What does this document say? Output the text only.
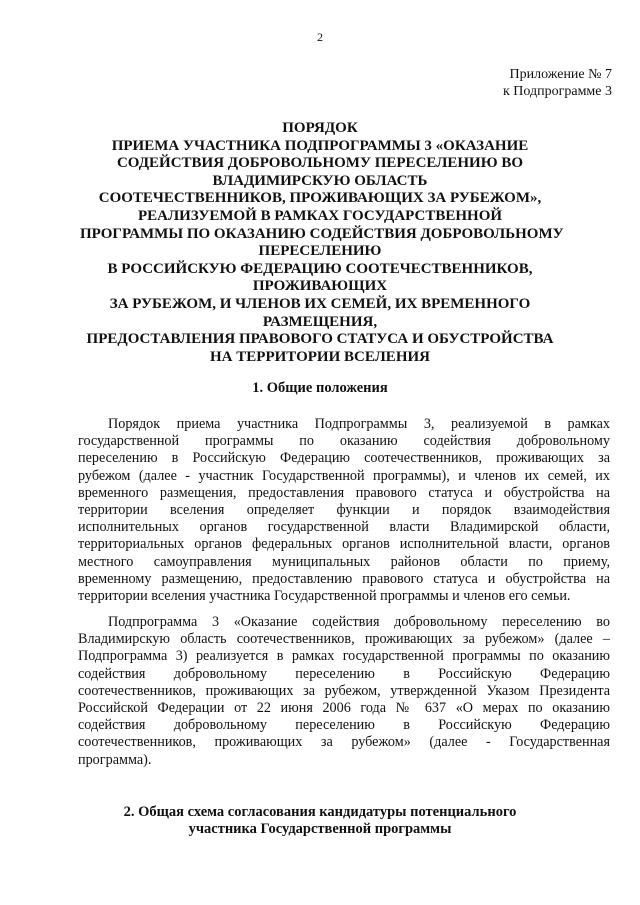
2
Приложение № 7
к Подпрограмме 3
ПОРЯДОК
ПРИЕМА УЧАСТНИКА ПОДПРОГРАММЫ 3 «ОКАЗАНИЕ
СОДЕЙСТВИЯ ДОБРОВОЛЬНОМУ ПЕРЕСЕЛЕНИЮ ВО
ВЛАДИМИРСКУЮ ОБЛАСТЬ
СООТЕЧЕСТВЕННИКОВ, ПРОЖИВАЮЩИХ ЗА РУБЕЖОМ»,
РЕАЛИЗУЕМОЙ В РАМКАХ ГОСУДАРСТВЕННОЙ
ПРОГРАММЫ ПО ОКАЗАНИЮ СОДЕЙСТВИЯ ДОБРОВОЛЬНОМУ
ПЕРЕСЕЛЕНИЮ
В РОССИЙСКУЮ ФЕДЕРАЦИЮ СООТЕЧЕСТВЕННИКОВ,
ПРОЖИВАЮЩИХ
ЗА РУБЕЖОМ, И ЧЛЕНОВ ИХ СЕМЕЙ, ИХ ВРЕМЕННОГО
РАЗМЕЩЕНИЯ,
ПРЕДОСТАВЛЕНИЯ ПРАВОВОГО СТАТУСА И ОБУСТРОЙСТВА
НА ТЕРРИТОРИИ ВСЕЛЕНИЯ
1. Общие положения
Порядок приема участника Подпрограммы 3, реализуемой в рамках
государственной программы по оказанию содействия добровольному
переселению в Российскую Федерацию соотечественников, проживающих за
рубежом (далее - участник Государственной программы), и членов их семей, их
временного размещения, предоставления правового статуса и обустройства на
территории вселения определяет функции и порядок взаимодействия
исполнительных органов государственной власти Владимирской области,
территориальных органов федеральных органов исполнительной власти, органов
местного самоуправления муниципальных районов области по приему,
временному размещению, предоставлению правового статуса и обустройства на
территории вселения участника Государственной программы и членов его семьи.
Подпрограмма 3 «Оказание содействия добровольному переселению во
Владимирскую область соотечественников, проживающих за рубежом» (далее –
Подпрограмма 3) реализуется в рамках государственной программы по оказанию
содействия добровольному переселению в Российскую Федерацию
соотечественников, проживающих за рубежом, утвержденной Указом Президента
Российской Федерации от 22 июня 2006 года № 637 «О мерах по оказанию
содействия добровольному переселению в Российскую Федерацию
соотечественников, проживающих за рубежом» (далее - Государственная
программа).
2. Общая схема согласования кандидатуры потенциального
участника Государственной программы
